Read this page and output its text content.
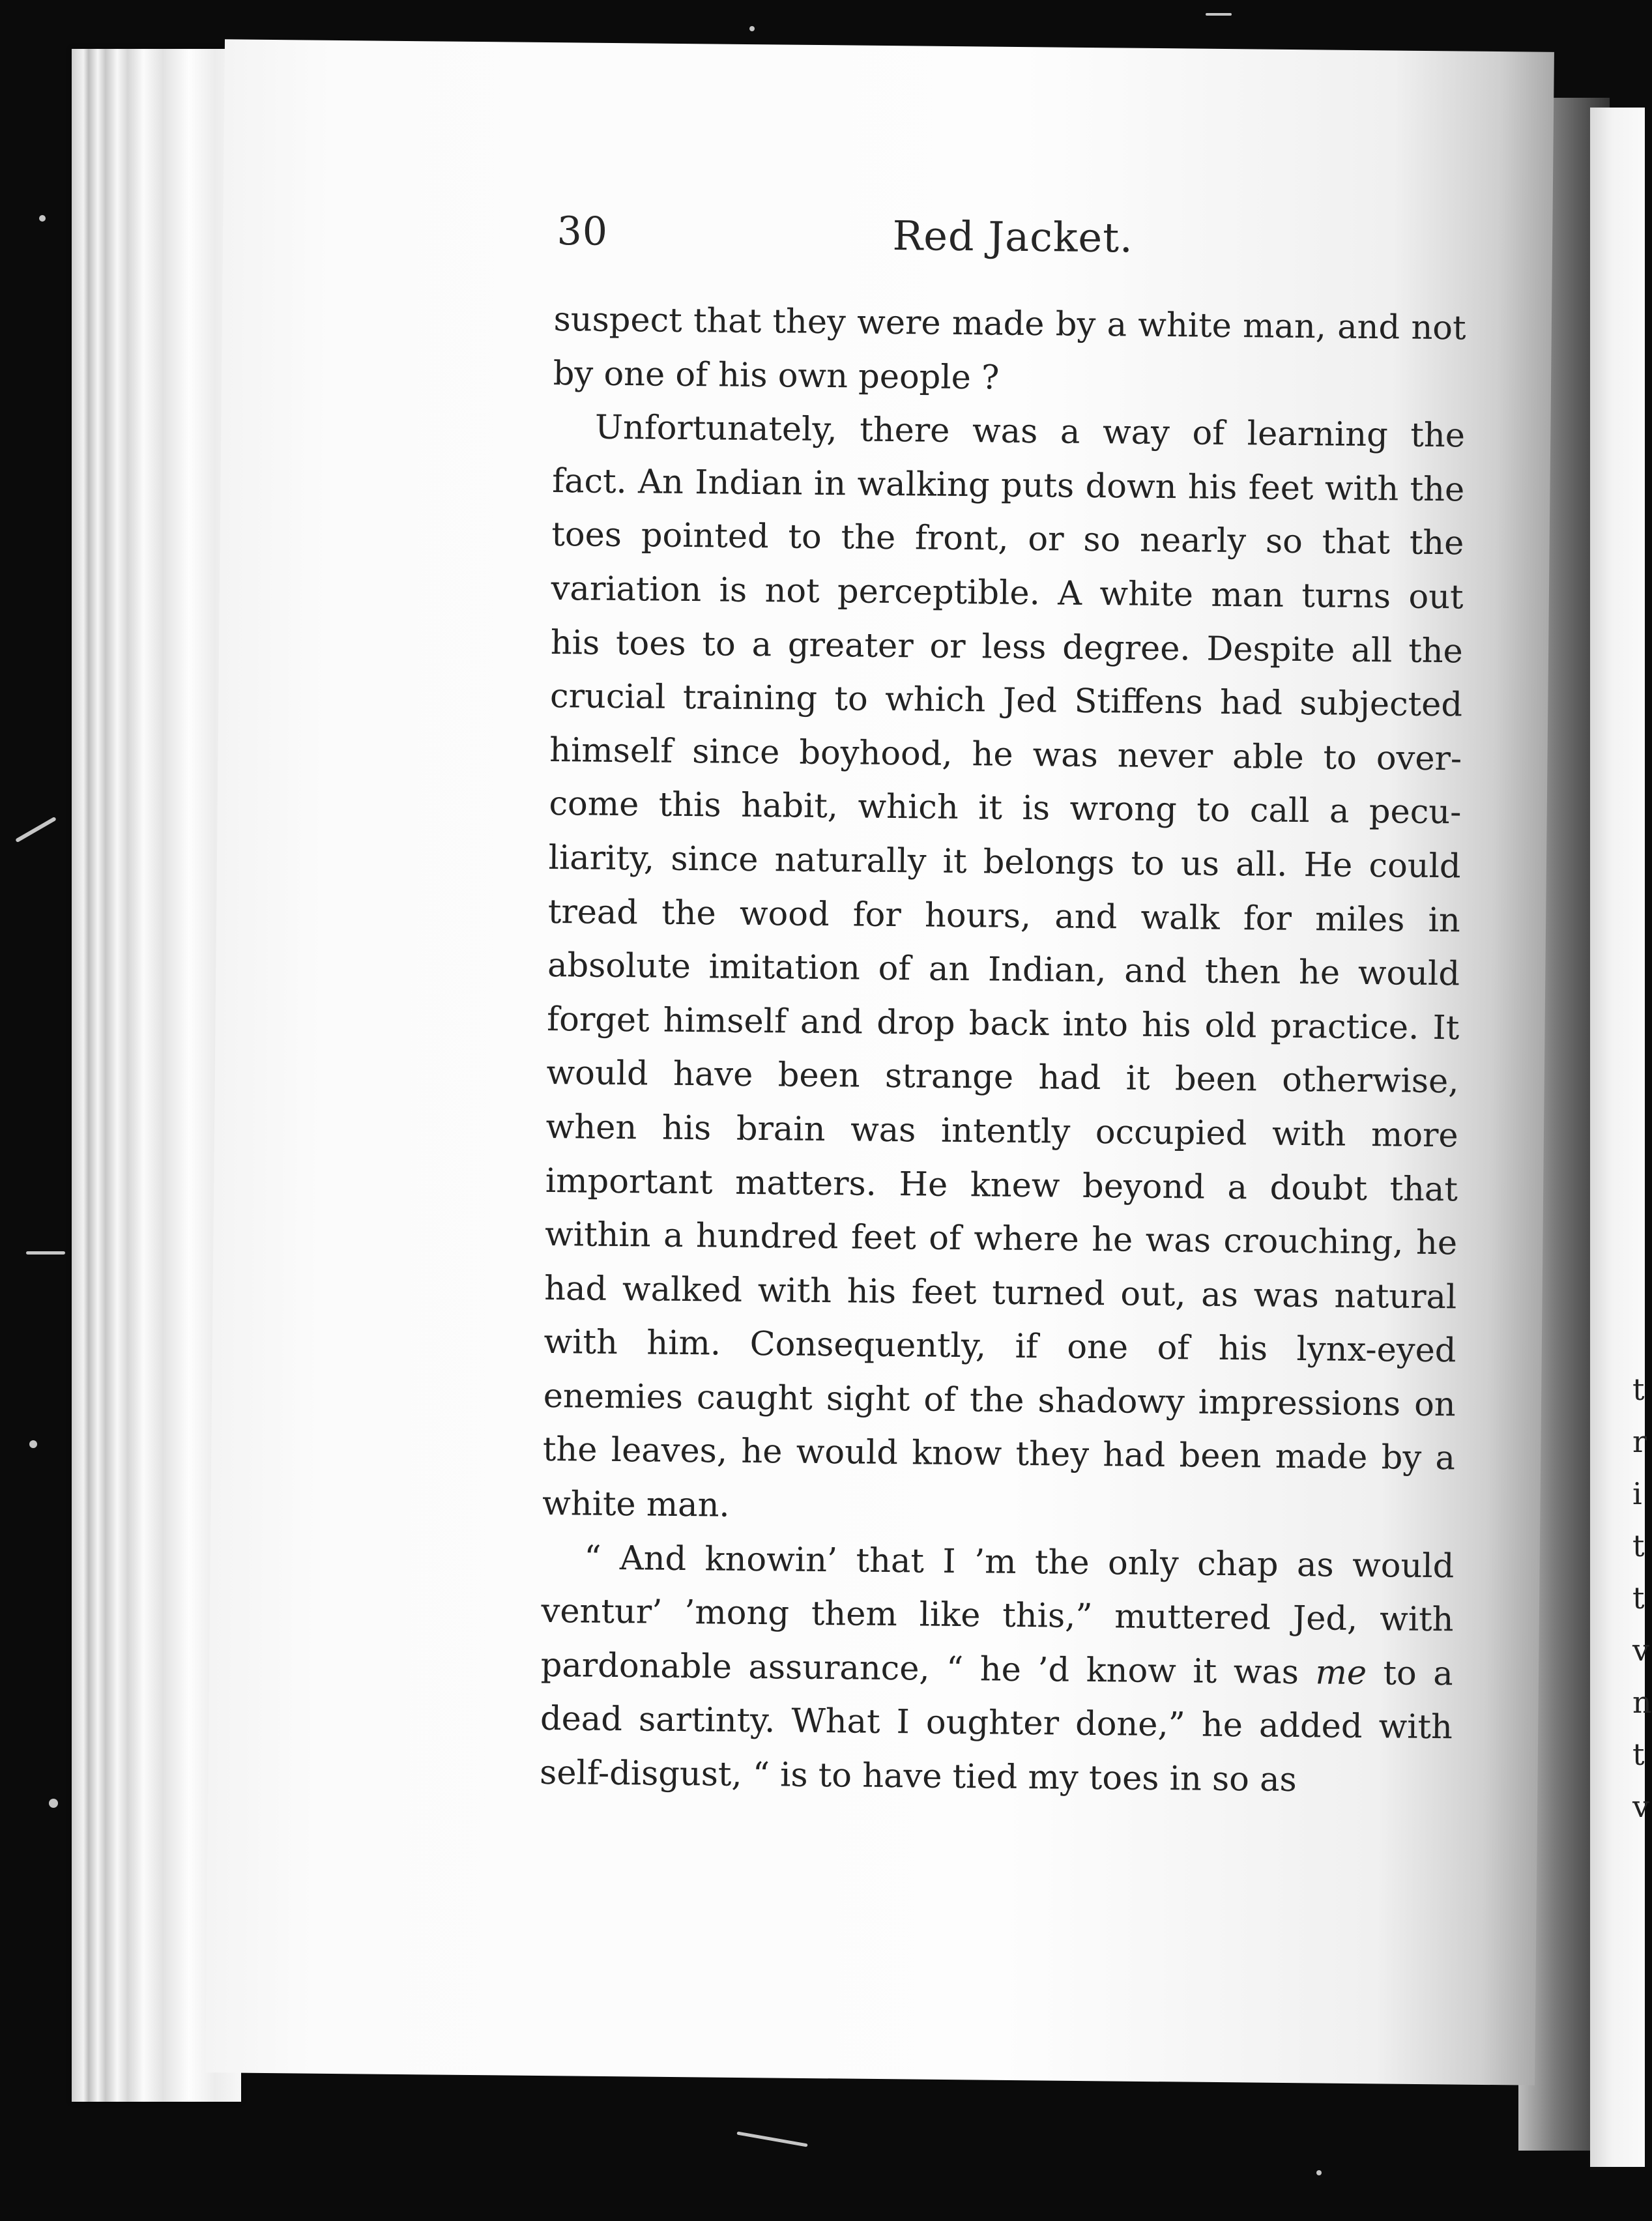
t
r
i
t
t
v
n
t
v
30	Red Jacket.

suspect that they were made by a white man, and not by one of his own people ?

Unfortunately, there was a way of learning the fact. An Indian in walking puts down his feet with the toes pointed to the front, or so nearly so that the variation is not perceptible. A white man turns out his toes to a greater or less degree. Despite all the crucial training to which Jed Stiffens had subjected himself since boyhood, he was never able to over-come this habit, which it is wrong to call a pecu-liarity, since naturally it belongs to us all. He could tread the wood for hours, and walk for miles in absolute imitation of an Indian, and then he would forget himself and drop back into his old practice. It would have been strange had it been otherwise, when his brain was intently occupied with more important matters. He knew beyond a doubt that within a hundred feet of where he was crouching, he had walked with his feet turned out, as was natural with him. Consequently, if one of his lynx-eyed enemies caught sight of the shadowy impressions on the leaves, he would know they had been made by a white man.

“ And knowin’ that I ’m the only chap as would ventur’ ’mong them like this,” muttered Jed, with pardonable assurance, “ he ’d know it was me to a dead sartinty. What I oughter done,” he added with self-disgust, “ is to have tied my toes in so as
